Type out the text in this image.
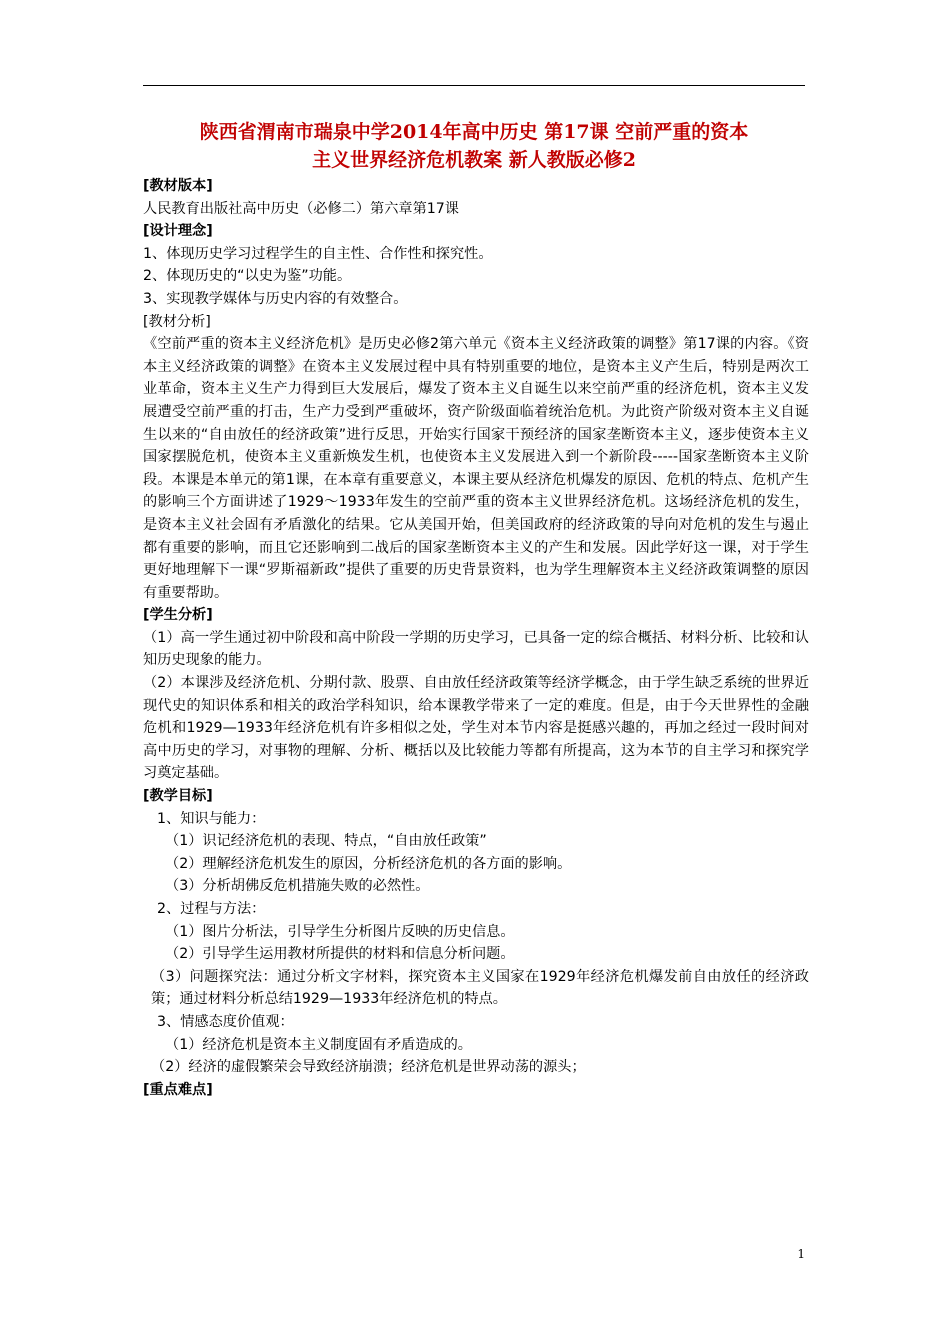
陕西省渭南市瑞泉中学2014年高中历史 第17课 空前严重的资本
主义世界经济危机教案 新人教版必修2

[教材版本]

人民教育出版社高中历史（必修二）第六章第17课

[设计理念]

1、体现历史学习过程学生的自主性、合作性和探究性。

2、体现历史的“以史为鉴”功能。

3、实现教学媒体与历史内容的有效整合。

[教材分析]

《空前严重的资本主义经济危机》是历史必修2第六单元《资本主义经济政策的调整》第17课的内容。《资本主义经济政策的调整》在资本主义发展过程中具有特别重要的地位，是资本主义产生后，特别是两次工业革命，资本主义生产力得到巨大发展后，爆发了资本主义自诞生以来空前严重的经济危机，资本主义发展遭受空前严重的打击，生产力受到严重破坏，资产阶级面临着统治危机。为此资产阶级对资本主义自诞生以来的“自由放任的经济政策”进行反思，开始实行国家干预经济的国家垄断资本主义，逐步使资本主义国家摆脱危机，使资本主义重新焕发生机，也使资本主义发展进入到一个新阶段-----国家垄断资本主义阶段。本课是本单元的第1课，在本章有重要意义，本课主要从经济危机爆发的原因、危机的特点、危机产生的影响三个方面讲述了1929～1933年发生的空前严重的资本主义世界经济危机。这场经济危机的发生，是资本主义社会固有矛盾激化的结果。它从美国开始，但美国政府的经济政策的导向对危机的发生与遏止都有重要的影响，而且它还影响到二战后的国家垄断资本主义的产生和发展。因此学好这一课，对于学生更好地理解下一课“罗斯福新政”提供了重要的历史背景资料，也为学生理解资本主义经济政策调整的原因有重要帮助。

[学生分析]

（1）高一学生通过初中阶段和高中阶段一学期的历史学习，已具备一定的综合概括、材料分析、比较和认知历史现象的能力。

（2）本课涉及经济危机、分期付款、股票、自由放任经济政策等经济学概念，由于学生缺乏系统的世界近现代史的知识体系和相关的政治学科知识，给本课教学带来了一定的难度。但是，由于今天世界性的金融危机和1929—1933年经济危机有许多相似之处，学生对本节内容是挺感兴趣的，再加之经过一段时间对高中历史的学习，对事物的理解、分析、概括以及比较能力等都有所提高，这为本节的自主学习和探究学习奠定基础。

[教学目标]

1、知识与能力：

（1）识记经济危机的表现、特点，“自由放任政策”

（2）理解经济危机发生的原因，分析经济危机的各方面的影响。

（3）分析胡佛反危机措施失败的必然性。

2、过程与方法：

（1）图片分析法，引导学生分析图片反映的历史信息。

（2）引导学生运用教材所提供的材料和信息分析问题。

（3）问题探究法：通过分析文字材料，探究资本主义国家在1929年经济危机爆发前自由放任的经济政策；通过材料分析总结1929—1933年经济危机的特点。

3、情感态度价值观：

（1）经济危机是资本主义制度固有矛盾造成的。

（2）经济的虚假繁荣会导致经济崩溃；经济危机是世界动荡的源头；

[重点难点]

1
